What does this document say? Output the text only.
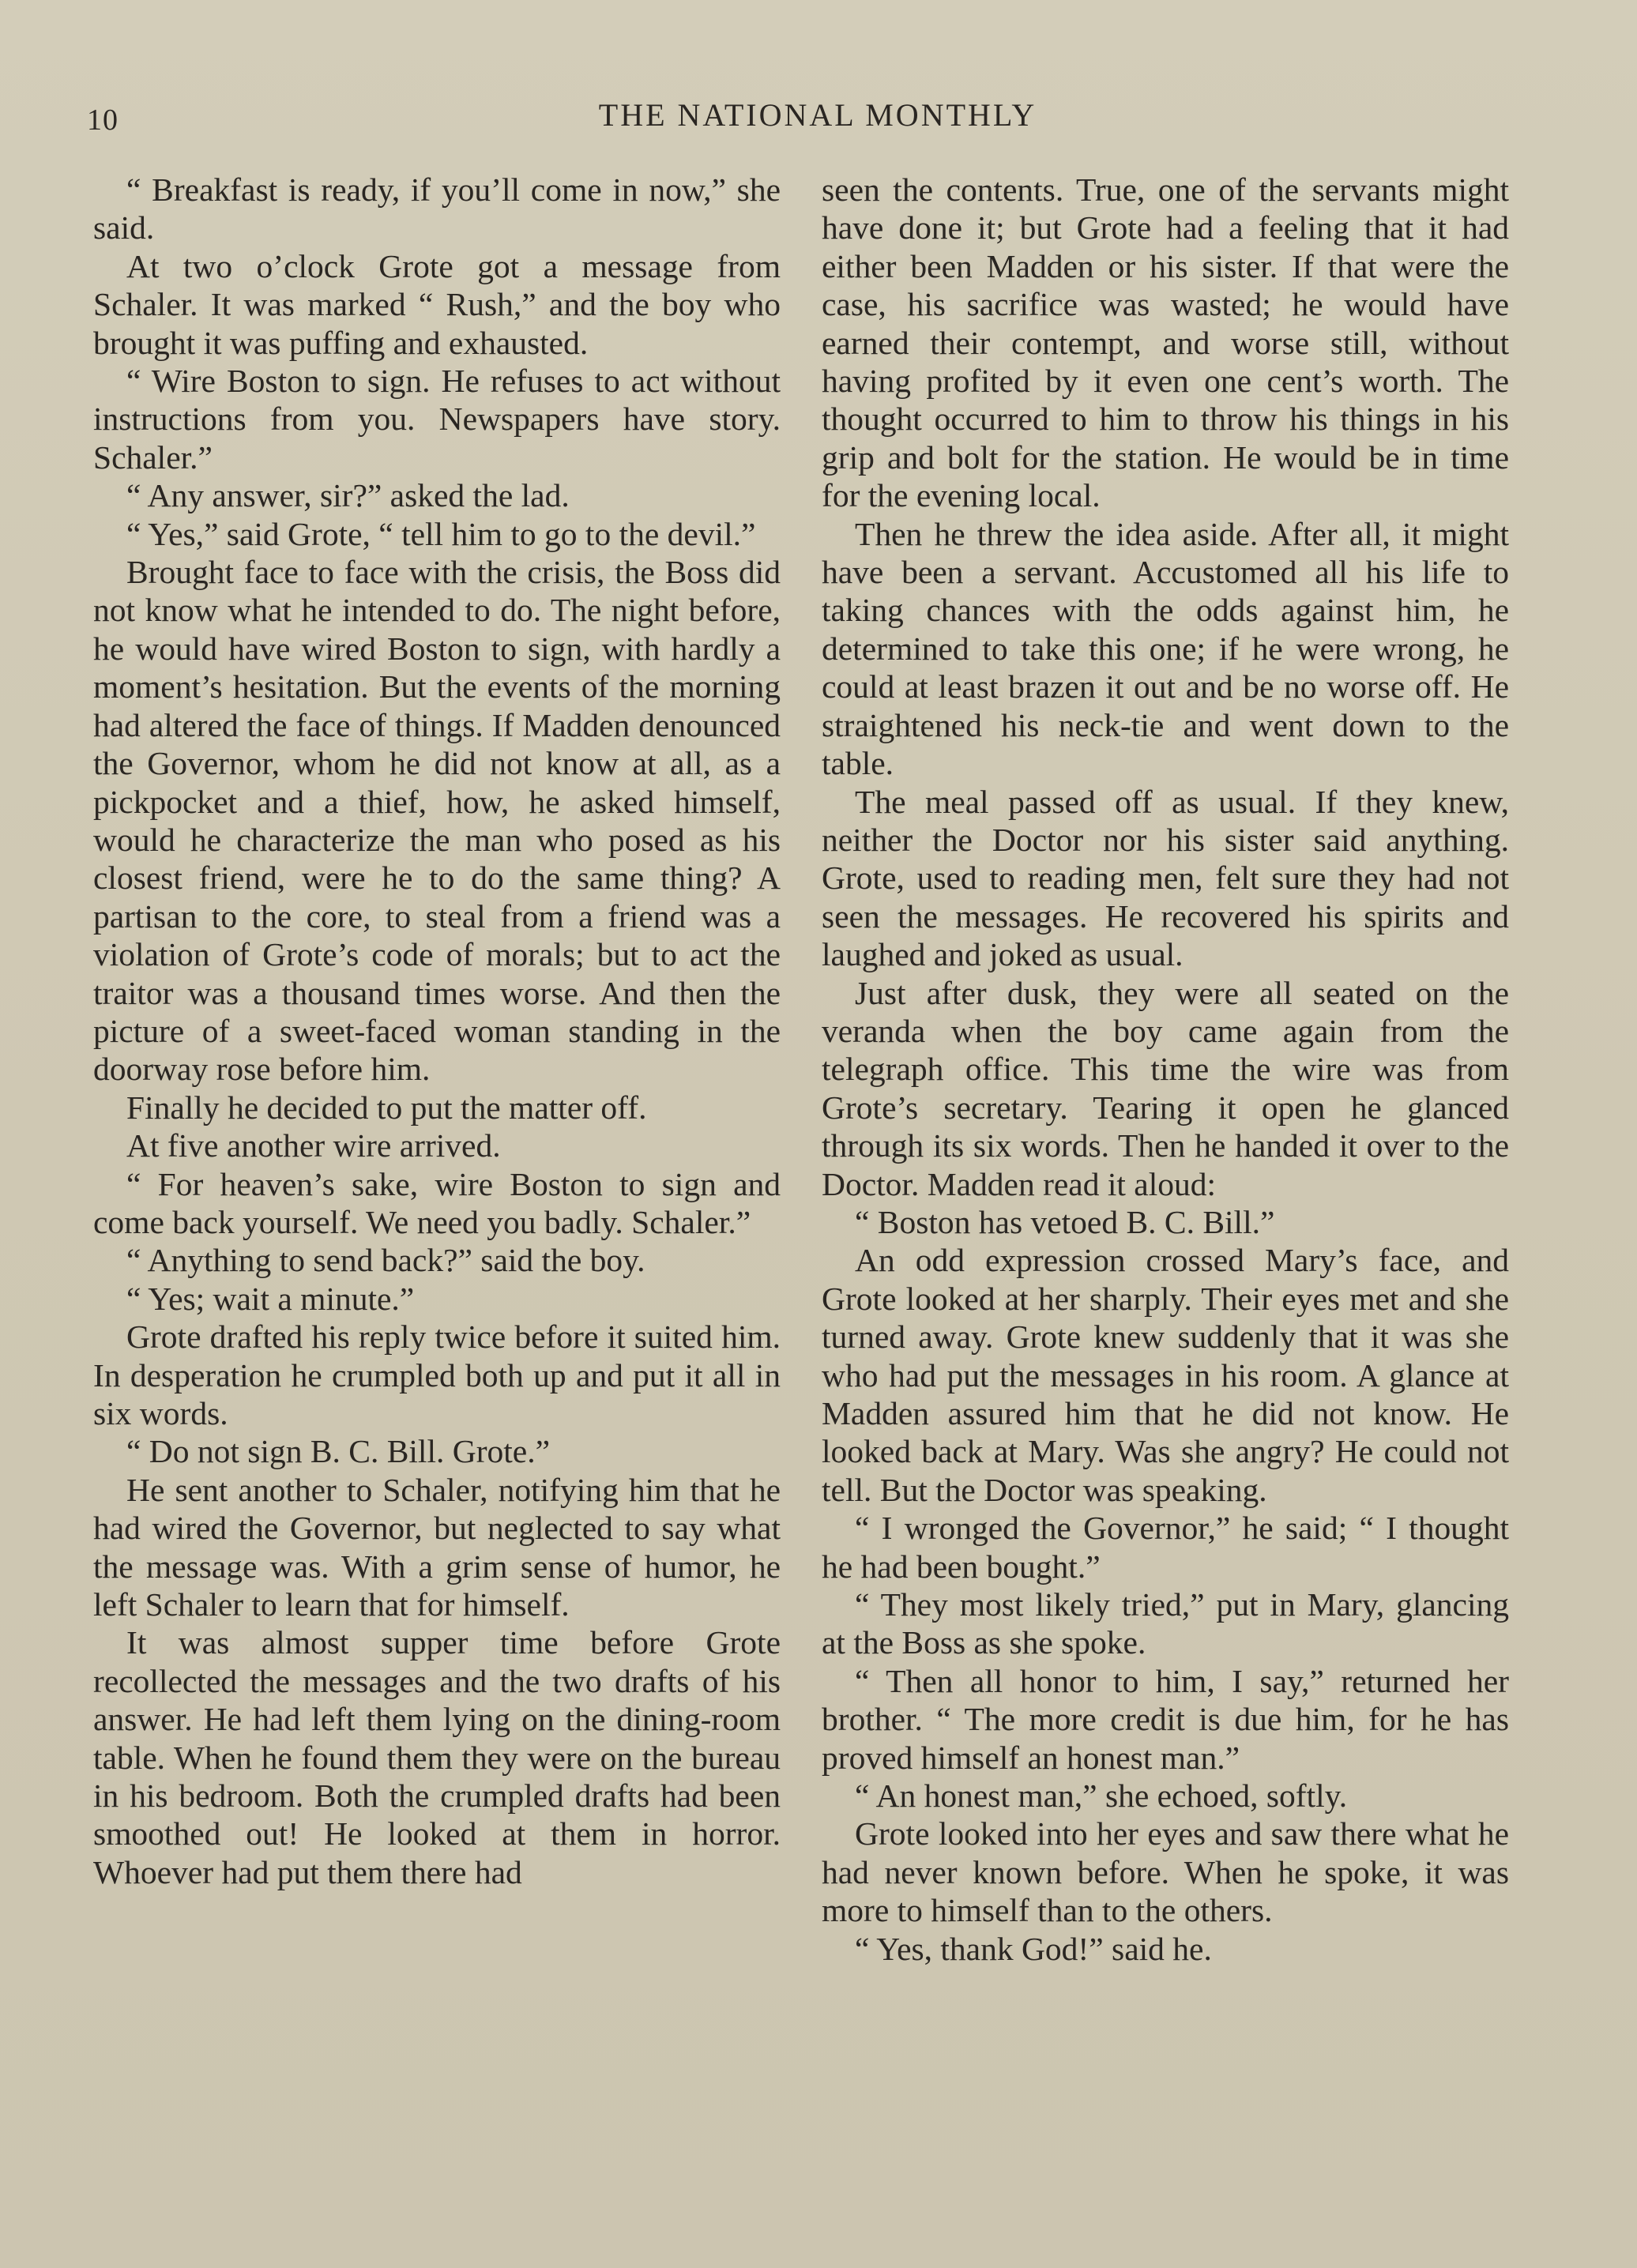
10	THE NATIONAL MONTHLY

“ Breakfast is ready, if you’ll come in now,” she said.

At two o’clock Grote got a message from Schaler. It was marked “ Rush,” and the boy who brought it was puffing and exhausted.

“ Wire Boston to sign. He refuses to act without instructions from you. Newspapers have story. Schaler.”

“ Any answer, sir?” asked the lad.

“ Yes,” said Grote, “ tell him to go to the devil.”

Brought face to face with the crisis, the Boss did not know what he intended to do. The night before, he would have wired Boston to sign, with hardly a moment’s hesitation. But the events of the morning had altered the face of things. If Madden denounced the Governor, whom he did not know at all, as a pickpocket and a thief, how, he asked himself, would he characterize the man who posed as his closest friend, were he to do the same thing? A partisan to the core, to steal from a friend was a violation of Grote’s code of morals; but to act the traitor was a thousand times worse. And then the picture of a sweet-faced woman standing in the doorway rose before him.

Finally he decided to put the matter off.

At five another wire arrived.

“ For heaven’s sake, wire Boston to sign and come back yourself. We need you badly. Schaler.”

“ Anything to send back?” said the boy.

“ Yes; wait a minute.”

Grote drafted his reply twice before it suited him. In desperation he crumpled both up and put it all in six words.

“ Do not sign B. C. Bill. Grote.”

He sent another to Schaler, notifying him that he had wired the Governor, but neglected to say what the message was. With a grim sense of humor, he left Schaler to learn that for himself.

It was almost supper time before Grote recollected the messages and the two drafts of his answer. He had left them lying on the dining-room table. When he found them they were on the bureau in his bedroom. Both the crumpled drafts had been smoothed out! He looked at them in horror. Whoever had put them there had

seen the contents. True, one of the servants might have done it; but Grote had a feeling that it had either been Madden or his sister. If that were the case, his sacrifice was wasted; he would have earned their contempt, and worse still, without having profited by it even one cent’s worth. The thought occurred to him to throw his things in his grip and bolt for the station. He would be in time for the evening local.

Then he threw the idea aside. After all, it might have been a servant. Accustomed all his life to taking chances with the odds against him, he determined to take this one; if he were wrong, he could at least brazen it out and be no worse off. He straightened his neck-tie and went down to the table.

The meal passed off as usual. If they knew, neither the Doctor nor his sister said anything. Grote, used to reading men, felt sure they had not seen the messages. He recovered his spirits and laughed and joked as usual.

Just after dusk, they were all seated on the veranda when the boy came again from the telegraph office. This time the wire was from Grote’s secretary. Tearing it open he glanced through its six words. Then he handed it over to the Doctor. Madden read it aloud:

“ Boston has vetoed B. C. Bill.”

An odd expression crossed Mary’s face, and Grote looked at her sharply. Their eyes met and she turned away. Grote knew suddenly that it was she who had put the messages in his room. A glance at Madden assured him that he did not know. He looked back at Mary. Was she angry? He could not tell. But the Doctor was speaking.

“ I wronged the Governor,” he said; “ I thought he had been bought.”

“ They most likely tried,” put in Mary, glancing at the Boss as she spoke.

“ Then all honor to him, I say,” returned her brother. “ The more credit is due him, for he has proved himself an honest man.”

“ An honest man,” she echoed, softly.

Grote looked into her eyes and saw there what he had never known before. When he spoke, it was more to himself than to the others.

“ Yes, thank God!” said he.
